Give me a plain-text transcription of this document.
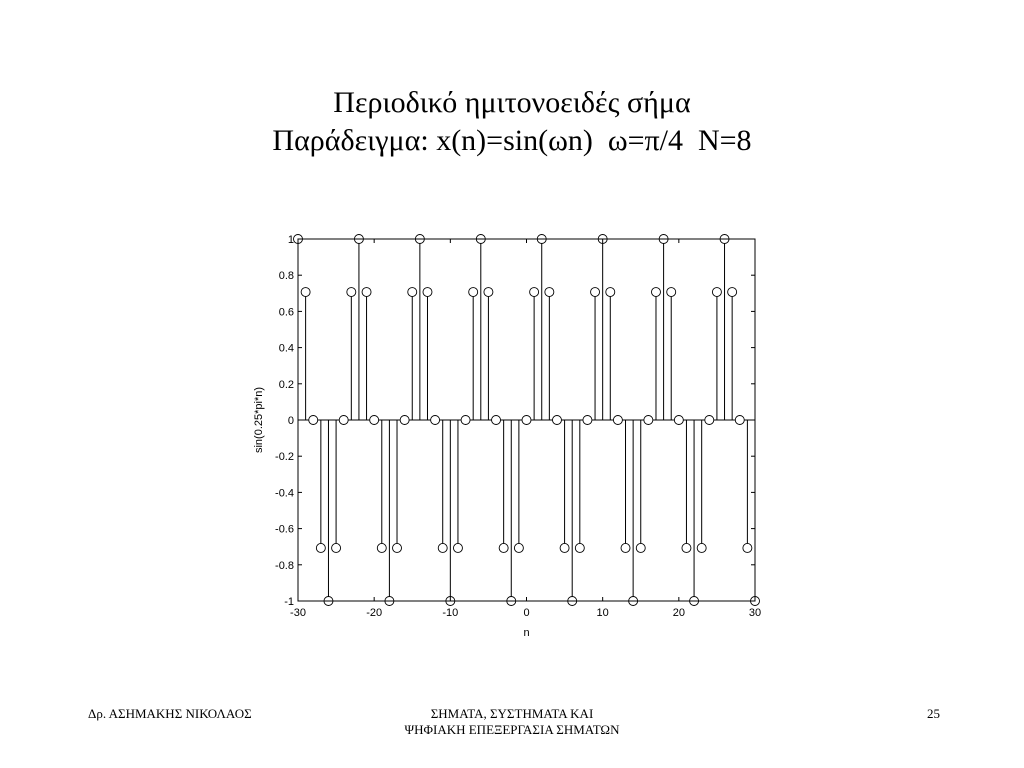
Περιοδικό ημιτονοειδές σήμα
Παράδειγμα: x(n)=sin(ωn)  ω=π/4  N=8
-1
-0.8
-0.6
-0.4
-0.2
0
0.2
0.4
0.6
0.8
1
-30	-20	-10	0	10	20	30
n
sin(0.25*pi*n)
Δρ. ΑΣΗΜΑΚΗΣ ΝΙΚΟΛΑΟΣ	ΣΗΜΑΤΑ, ΣΥΣΤΗΜΑΤΑ ΚΑΙ
ΨΗΦΙΑΚΗ ΕΠΕΞΕΡΓΑΣΙΑ ΣΗΜΑΤΩΝ
25
